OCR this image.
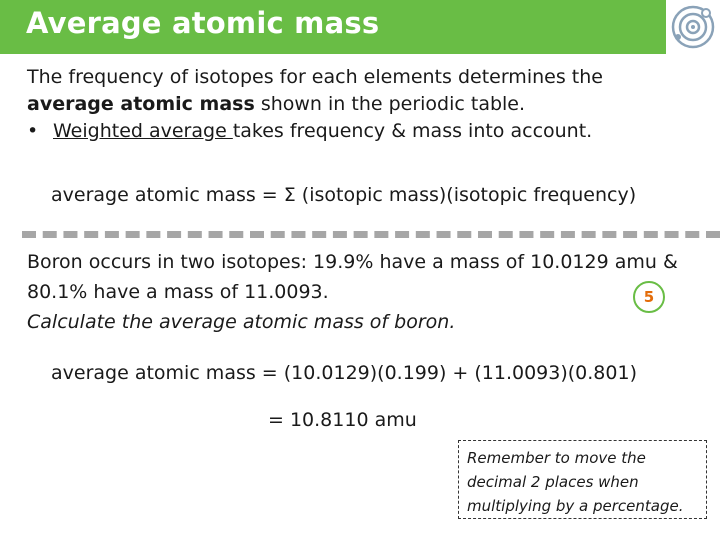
Average atomic mass
The frequency of isotopes for each elements determines the
average atomic mass shown in the periodic table.
• Weighted average takes frequency & mass into account.
average atomic mass = Σ (isotopic mass)(isotopic frequency)
Boron occurs in two isotopes: 19.9% have a mass of 10.0129 amu &
80.1% have a mass of 11.0093.
Calculate the average atomic mass of boron.
5
average atomic mass = (10.0129)(0.199) + (11.0093)(0.801)
= 10.8110 amu
Remember to move the
decimal 2 places when
multiplying by a percentage.
